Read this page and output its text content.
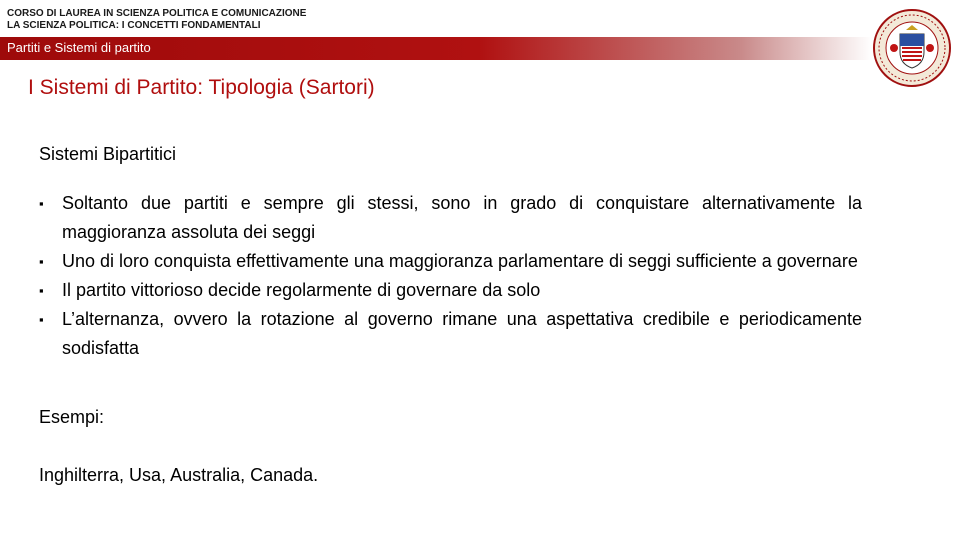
CORSO DI LAUREA IN SCIENZA POLITICA E COMUNICAZIONE
LA SCIENZA POLITICA: I CONCETTI FONDAMENTALI
Partiti e Sistemi di partito
I Sistemi di Partito: Tipologia (Sartori)
Sistemi Bipartitici
▪	Soltanto due partiti e sempre gli stessi, sono in grado di conquistare alternativamente la maggioranza assoluta dei seggi
▪	Uno di loro conquista effettivamente una maggioranza parlamentare di seggi sufficiente a governare
▪	Il partito vittorioso decide regolarmente di governare da solo
▪	L’alternanza, ovvero la rotazione al governo rimane una aspettativa credibile e periodicamente sodisfatta
Esempi:
Inghilterra, Usa, Australia, Canada.
